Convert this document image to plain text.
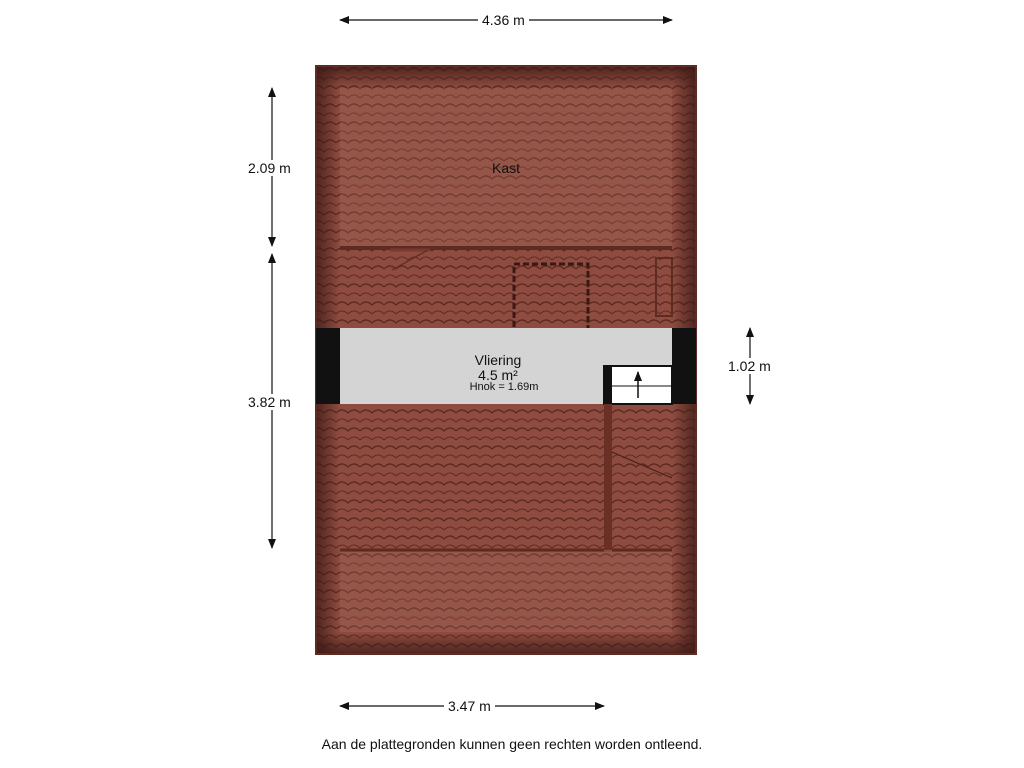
4.36 m
2.09 m
3.82 m
1.02 m
3.47 m
Kast
Vliering
4.5 m²
Hnok = 1.69m
Aan de plattegronden kunnen geen rechten worden ontleend.
